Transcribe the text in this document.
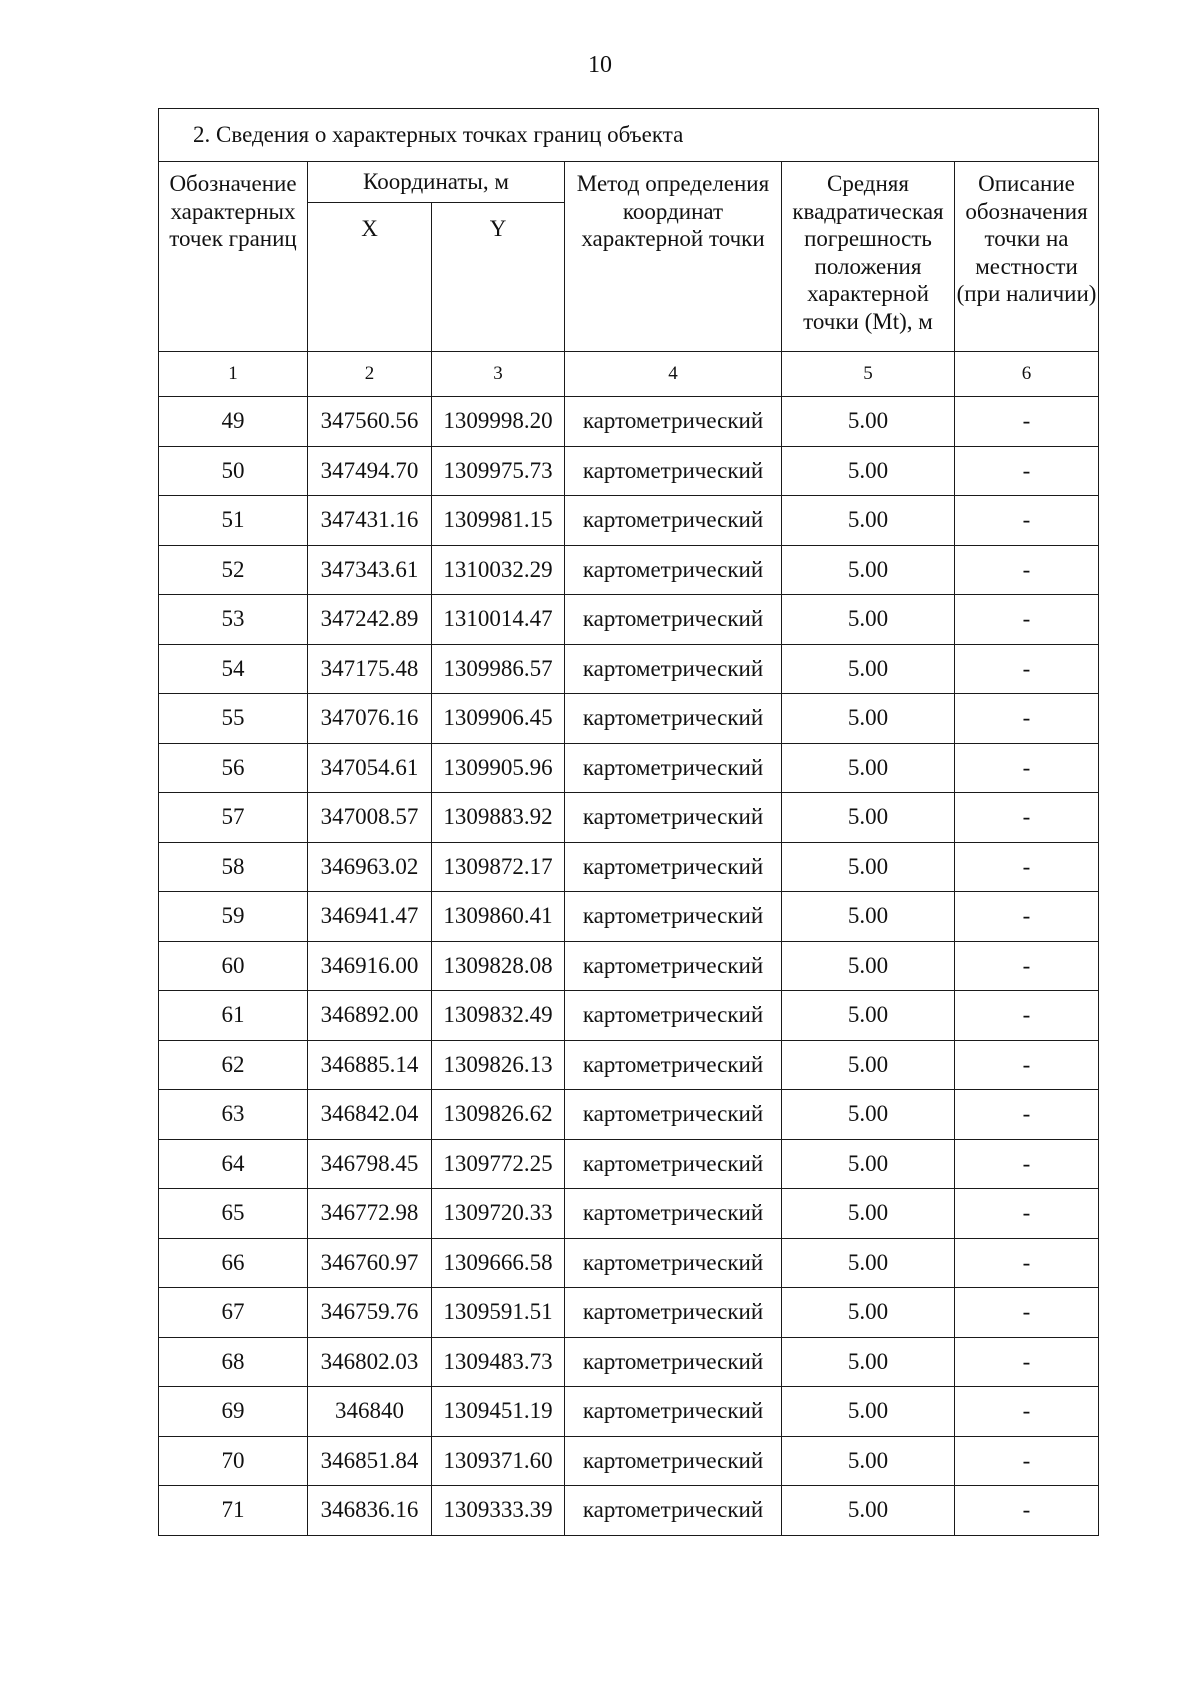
10
2. Сведения о характерных точках границ объекта					
Обозначение характерных точек границ	Координаты, м		Метод определения координат характерной точки	Средняя квадратическая погрешность положения характерной точки (Mt), м	Описание обозначения точки на местности (при наличии)
	X	Y			
1	2	3	4	5	6
49	347560.56	1309998.20	картометрический	5.00	-
50	347494.70	1309975.73	картометрический	5.00	-
51	347431.16	1309981.15	картометрический	5.00	-
52	347343.61	1310032.29	картометрический	5.00	-
53	347242.89	1310014.47	картометрический	5.00	-
54	347175.48	1309986.57	картометрический	5.00	-
55	347076.16	1309906.45	картометрический	5.00	-
56	347054.61	1309905.96	картометрический	5.00	-
57	347008.57	1309883.92	картометрический	5.00	-
58	346963.02	1309872.17	картометрический	5.00	-
59	346941.47	1309860.41	картометрический	5.00	-
60	346916.00	1309828.08	картометрический	5.00	-
61	346892.00	1309832.49	картометрический	5.00	-
62	346885.14	1309826.13	картометрический	5.00	-
63	346842.04	1309826.62	картометрический	5.00	-
64	346798.45	1309772.25	картометрический	5.00	-
65	346772.98	1309720.33	картометрический	5.00	-
66	346760.97	1309666.58	картометрический	5.00	-
67	346759.76	1309591.51	картометрический	5.00	-
68	346802.03	1309483.73	картометрический	5.00	-
69	346840	1309451.19	картометрический	5.00	-
70	346851.84	1309371.60	картометрический	5.00	-
71	346836.16	1309333.39	картометрический	5.00	-
